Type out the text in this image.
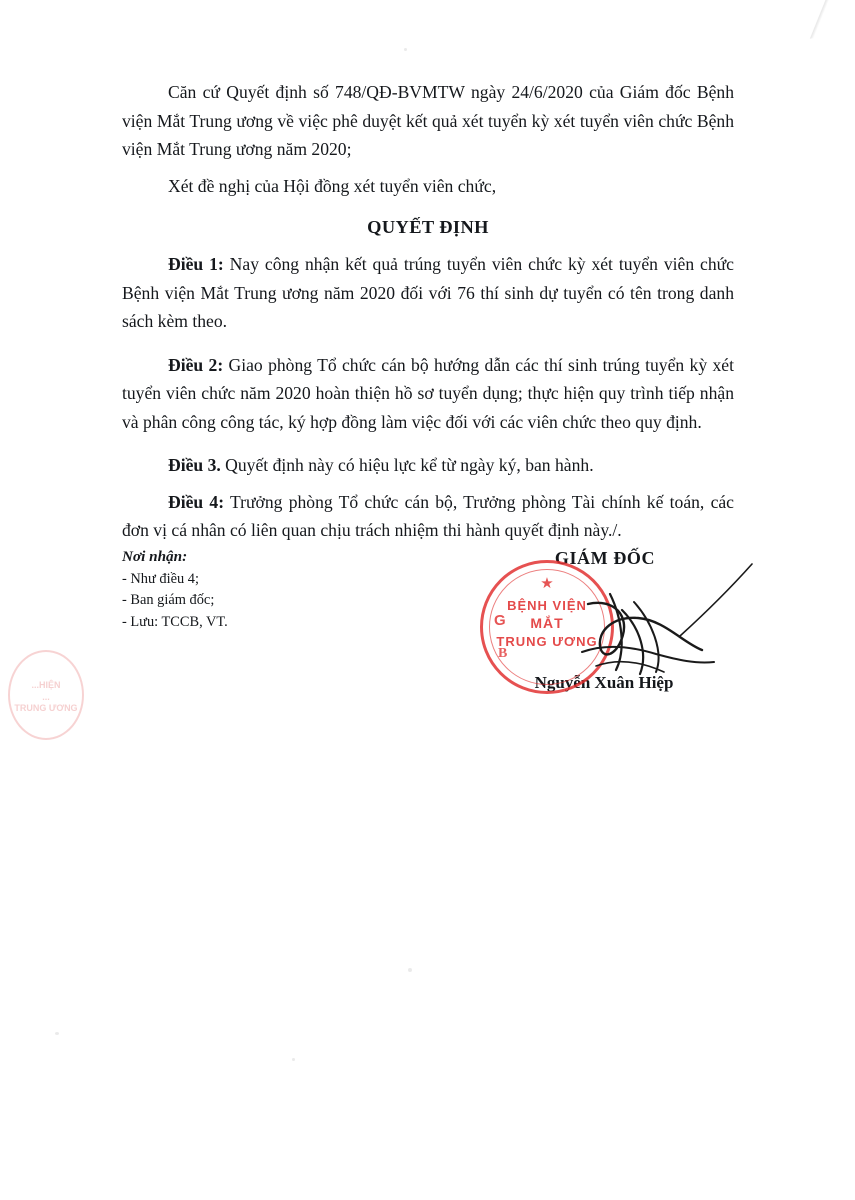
Căn cứ Quyết định số 748/QĐ-BVMTW ngày 24/6/2020 của Giám đốc Bệnh viện Mắt Trung ương về việc phê duyệt kết quả xét tuyển kỳ xét tuyển viên chức Bệnh viện Mắt Trung ương năm 2020;

Xét đề nghị của Hội đồng xét tuyển viên chức,

QUYẾT ĐỊNH

Điều 1: Nay công nhận kết quả trúng tuyển viên chức kỳ xét tuyển viên chức Bệnh viện Mắt Trung ương năm 2020 đối với 76 thí sinh dự tuyển có tên trong danh sách kèm theo.

Điều 2: Giao phòng Tổ chức cán bộ hướng dẫn các thí sinh trúng tuyển kỳ xét tuyển viên chức năm 2020 hoàn thiện hồ sơ tuyển dụng; thực hiện quy trình tiếp nhận và phân công công tác, ký hợp đồng làm việc đối với các viên chức theo quy định.

Điều 3. Quyết định này có hiệu lực kể từ ngày ký, ban hành.

Điều 4: Trưởng phòng Tổ chức cán bộ, Trưởng phòng Tài chính kế toán, các đơn vị cá nhân có liên quan chịu trách nhiệm thi hành quyết định này./.

Nơi nhận:
- Như điều 4;
- Ban giám đốc;
- Lưu: TCCB, VT.
GIÁM ĐỐC
Nguyễn Xuân Hiệp
★
G
B
BỆNH VIỆN
MẮT
TRUNG ƯƠNG
...HIỆN
...
TRUNG ƯƠNG
